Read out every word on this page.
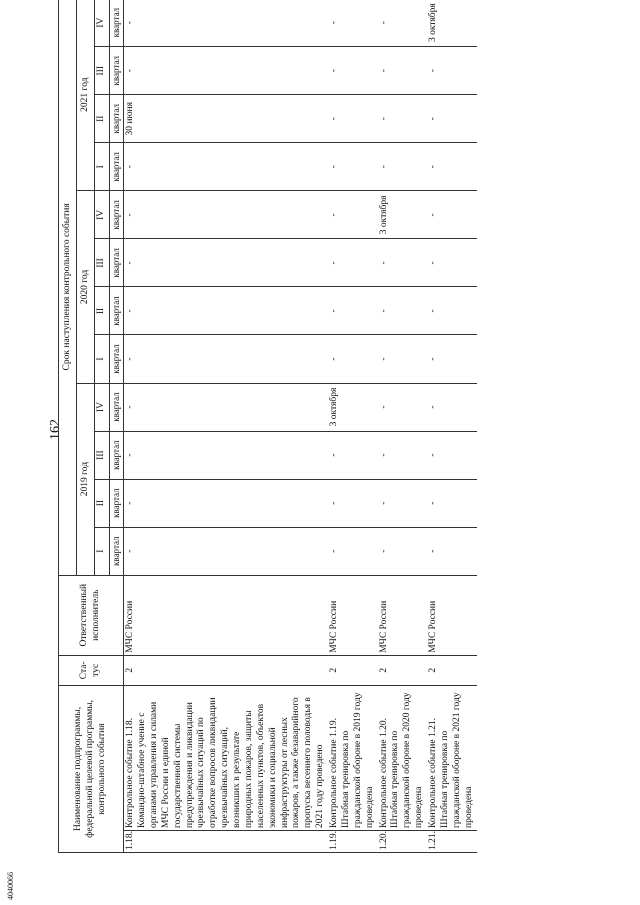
162
4040066
Наименование подпрограммы, федеральной целевой программы, контрольного события		Ста-тус	Ответственный исполнитель	Срок наступления контрольного события											
				2019 год				2020 год				2021 год			
				I	II	III	IV	I	II	III	IV	I	II	III	IV
				квартал	квартал	квартал	квартал	квартал	квартал	квартал	квартал	квартал	квартал	квартал	квартал
1.18.	Контрольное событие 1.18. Командно-штабное учение с органами управления и силами МЧС России и единой государственной системы предупреждения и ликвидации чрезвычайных ситуаций по отработке вопросов ликвидации чрезвычайных ситуаций, возникших в результате природных пожаров, защиты населенных пунктов, объектов экономики и социальной инфраструктуры от лесных пожаров, а также безаварийного пропуска весеннего половодья в 2021 году проведено	2	МЧС России	-	-	-	-	-	-	-	-	-	30 июня	-	-
1.19.	Контрольное событие 1.19. Штабная тренировка по гражданской обороне в 2019 году проведена	2	МЧС России	-	-	-	3 октября	-	-	-	-	-	-	-	-
1.20.	Контрольное событие 1.20. Штабная тренировка по гражданской обороне в 2020 году проведена	2	МЧС России	-	-	-	-	-	-	-	3 октября	-	-	-	-
1.21.	Контрольное событие 1.21. Штабная тренировка по гражданской обороне в 2021 году проведена	2	МЧС России	-	-	-	-	-	-	-	-	-	-	-	3 октября
